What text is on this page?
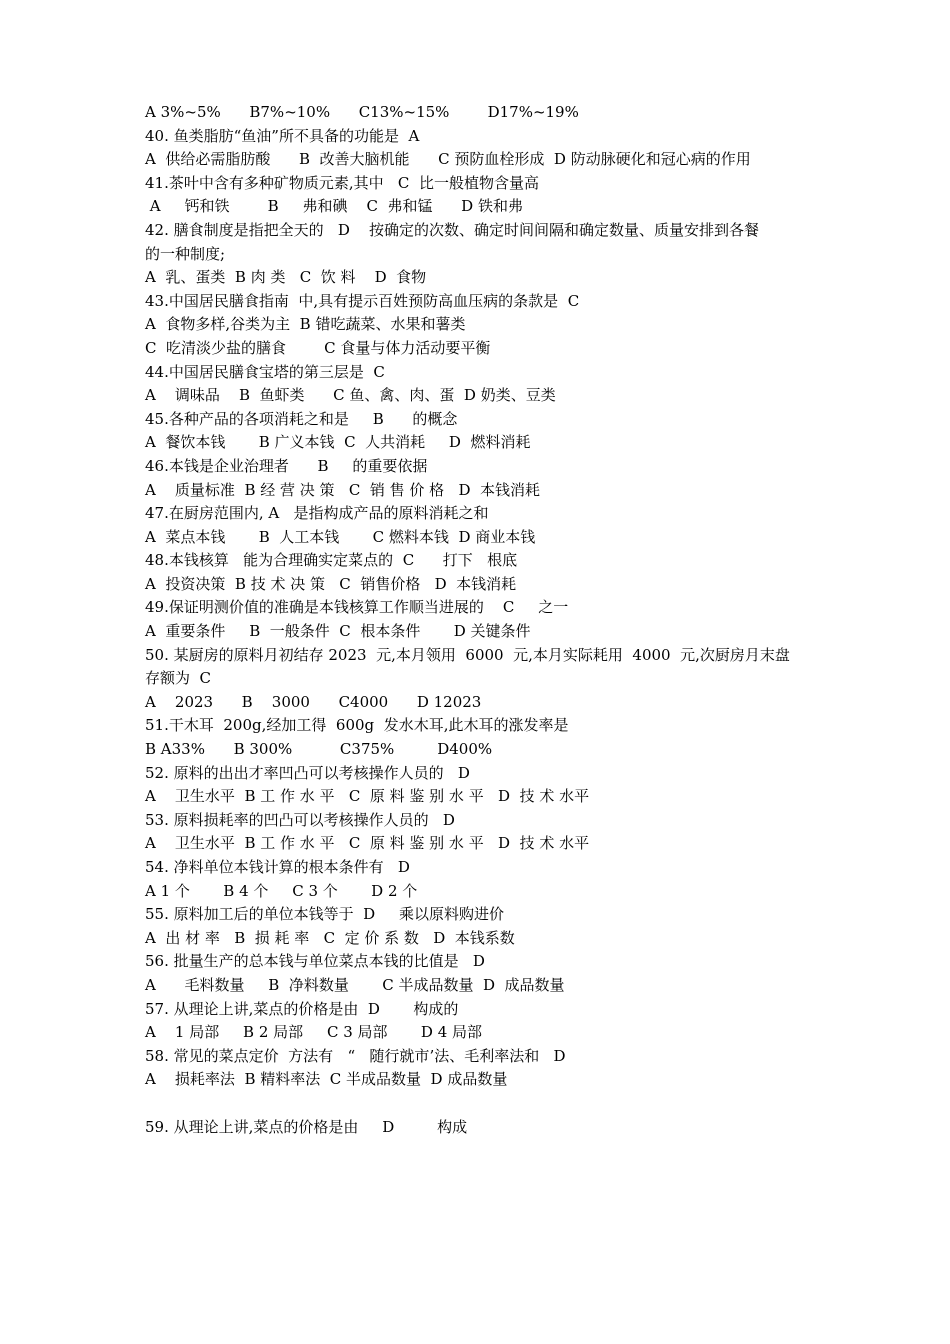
A 3%~5%      B7%~10%      C13%~15%        D17%~19%
40. 鱼类脂肪“鱼油”所不具备的功能是  A
A  供给必需脂肪酸      B  改善大脑机能      C 预防血栓形成  D 防动脉硬化和冠心病的作用
41.茶叶中含有多种矿物质元素,其中   C  比一般植物含量高
A     钙和铁        B     弗和碘    C  弗和锰      D 铁和弗
42. 膳食制度是指把全天的   D    按确定的次数、确定时间间隔和确定数量、质量安排到各餐
的一种制度;
A  乳、蛋类  B 肉 类   C  饮 料    D  食物
43.中国居民膳食指南  中,具有提示百姓预防高血压病的条款是  C
A  食物多样,谷类为主  B 错吃蔬菜、水果和薯类
C  吃清淡少盐的膳食        C 食量与体力活动要平衡
44.中国居民膳食宝塔的第三层是  C
A    调味品    B  鱼虾类      C 鱼、禽、肉、蛋  D 奶类、豆类
45.各种产品的各项消耗之和是     B      的概念
A  餐饮本钱       B 广义本钱  C  人共消耗     D  燃料消耗
46.本钱是企业治理者      B     的重要依据
A    质量标准  B 经 营 决 策   C  销 售 价 格   D  本钱消耗
47.在厨房范围内, A   是指构成产品的原料消耗之和
A  菜点本钱       B  人工本钱       C 燃料本钱  D 商业本钱
48.本钱核算   能为合理确实定菜点的  C      打下   根底
A  投资决策  B 技 术 决 策   C  销售价格   D  本钱消耗
49.保证明测价值的准确是本钱核算工作顺当进展的    C     之一
A  重要条件     B  一般条件  C  根本条件       D 关键条件
50. 某厨房的原料月初结存 2023  元,本月领用  6000  元,本月实际耗用  4000  元,次厨房月末盘
存额为  C
A    2023      B    3000      C4000      D 12023
51.干木耳  200g,经加工得  600g  发水木耳,此木耳的涨发率是
B A33%      B 300%          C375%         D400%
52. 原料的出出才率凹凸可以考核操作人员的   D
A    卫生水平  B 工 作 水 平   C  原 料 鉴 别 水 平   D  技 术 水平
53. 原料损耗率的凹凸可以考核操作人员的   D
A    卫生水平  B 工 作 水 平   C  原 料 鉴 别 水 平   D  技 术 水平
54. 净料单位本钱计算的根本条件有   D
A 1 个       B 4 个     C 3 个       D 2 个
55. 原料加工后的单位本钱等于  D     乘以原料购进价
A  出 材 率   B  损 耗 率   C  定 价 系 数   D  本钱系数
56. 批量生产的总本钱与单位菜点本钱的比值是   D
A      毛料数量     B  净料数量       C 半成品数量  D  成品数量
57. 从理论上讲,菜点的价格是由  D       构成的
A    1 局部     B 2 局部     C 3 局部       D 4 局部
58. 常见的菜点定价  方法有   “   随行就市’法、毛利率法和   D
A    损耗率法  B 精料率法  C 半成品数量  D 成品数量
59. 从理论上讲,菜点的价格是由     D         构成
